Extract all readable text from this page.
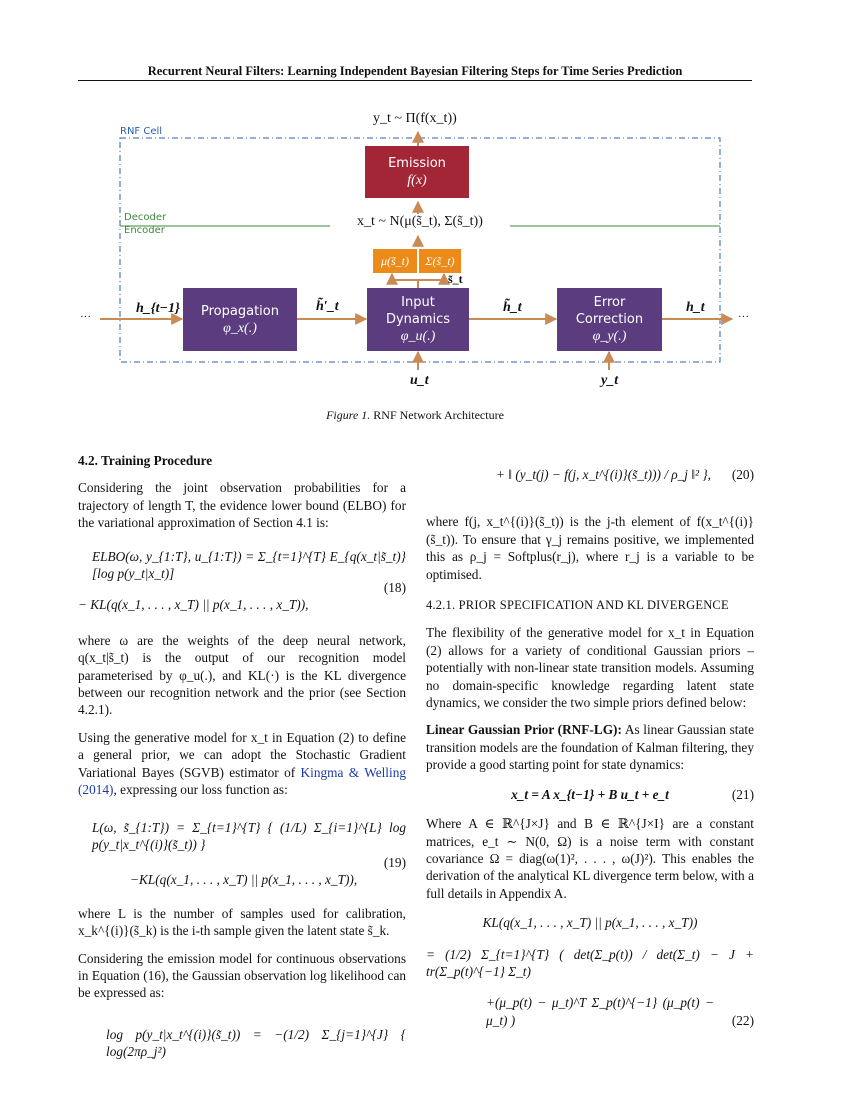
Recurrent Neural Filters: Learning Independent Bayesian Filtering Steps for Time Series Prediction
y_t ~ Π(f(x_t))
RNF Cell
Decoder
Encoder
Emission
f(x)
x_t ~ N(μ(s̃_t), Σ(s̃_t))
μ(s̃_t)	Σ(s̃_t)
s̃_t
Propagation
φ_x(.)
Input
Dynamics
φ_u(.)
Error
Correction
φ_y(.)
···
h_{t−1}	h̃′_t	h̃_t	h_t
···
u_t	y_t
Figure 1. RNF Network Architecture
4.2. Training Procedure

Considering the joint observation probabilities for a trajectory of length T, the evidence lower bound (ELBO) for the variational approximation of Section 4.1 is:

ELBO(ω, y_{1:T}, u_{1:T}) = Σ_{t=1}^{T} E_{q(x_t|s̃_t)} [log p(y_t|x_t)]
− KL(q(x_1, . . . , x_T) || p(x_1, . . . , x_T)),
(18)

where ω are the weights of the deep neural network, q(x_t|s̃_t) is the output of our recognition model parameterised by φ_u(.), and KL(·) is the KL divergence between our recognition network and the prior (see Section 4.2.1).

Using the generative model for x_t in Equation (2) to define a general prior, we can adopt the Stochastic Gradient Variational Bayes (SGVB) estimator of Kingma & Welling (2014), expressing our loss function as:

L(ω, s̃_{1:T}) = Σ_{t=1}^{T} { (1/L) Σ_{i=1}^{L} log p(y_t|x_t^{(i)}(s̃_t)) }
−KL(q(x_1, . . . , x_T) || p(x_1, . . . , x_T)),
(19)

where L is the number of samples used for calibration, x_k^{(i)}(s̃_k) is the i-th sample given the latent state s̃_k.

Considering the emission model for continuous observations in Equation (16), the Gaussian observation log likelihood can be expressed as:

log p(y_t|x_t^{(i)}(s̃_t)) = −(1/2) Σ_{j=1}^{J} { log(2πρ_j²)
+ ‖ (y_t(j) − f(j, x_t^{(i)}(s̃_t))) / ρ_j ‖² },	(20)

where f(j, x_t^{(i)}(s̃_t)) is the j-th element of f(x_t^{(i)}(s̃_t)). To ensure that γ_j remains positive, we implemented this as ρ_j = Softplus(r_j), where r_j is a variable to be optimised.

4.2.1. PRIOR SPECIFICATION AND KL DIVERGENCE

The flexibility of the generative model for x_t in Equation (2) allows for a variety of conditional Gaussian priors – potentially with non-linear state transition models. Assuming no domain-specific knowledge regarding latent state dynamics, we consider the two simple priors defined below:

Linear Gaussian Prior (RNF-LG): As linear Gaussian state transition models are the foundation of Kalman filtering, they provide a good starting point for state dynamics:

x_t = A x_{t−1} + B u_t + e_t	(21)

Where A ∈ ℝ^{J×J} and B ∈ ℝ^{J×I} are a constant matrices, e_t ∼ N(0, Ω) is a noise term with constant covariance Ω = diag(ω(1)², . . . , ω(J)²). This enables the derivation of the analytical KL divergence term below, with a full details in Appendix A.

KL(q(x_1, . . . , x_T) || p(x_1, . . . , x_T))
= (1/2) Σ_{t=1}^{T} ( det(Σ_p(t)) / det(Σ_t) − J + tr(Σ_p(t)^{−1} Σ_t)
+(μ_p(t) − μ_t)^T Σ_p(t)^{−1} (μ_p(t) − μ_t) )	(22)
